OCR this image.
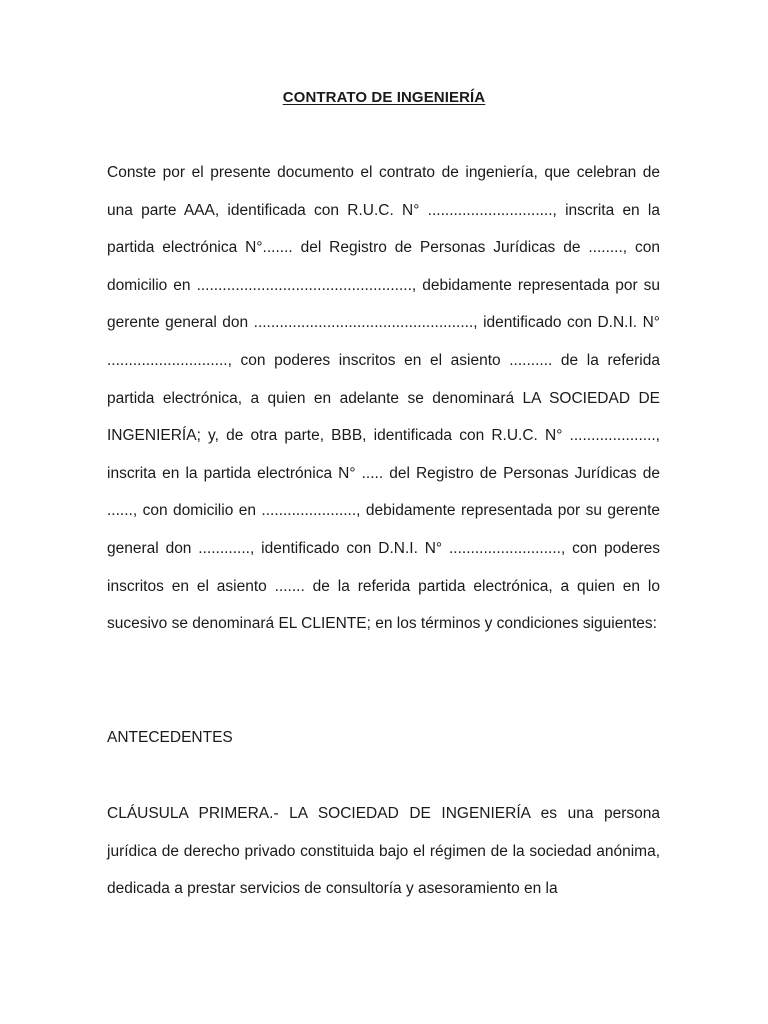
CONTRATO DE INGENIERÍA

Conste por el presente documento el contrato de ingeniería, que celebran de una parte AAA, identificada con R.U.C. N° ............................., inscrita en la partida electrónica N°....... del Registro de Personas Jurídicas de ........, con domicilio en .................................................., debidamente representada por su gerente general don ..................................................., identificado con D.N.I. N° ............................, con poderes inscritos en el asiento .......... de la referida partida electrónica, a quien en adelante se denominará LA SOCIEDAD DE INGENIERÍA; y, de otra parte, BBB, identificada con R.U.C. N° ...................., inscrita en la partida electrónica N° ..... del Registro de Personas Jurídicas de ......, con domicilio en ......................, debidamente representada por su gerente general don ............, identificado con D.N.I. N° .........................., con poderes inscritos en el asiento ....... de la referida partida electrónica, a quien en lo sucesivo se denominará EL CLIENTE; en los términos y condiciones siguientes:

ANTECEDENTES

CLÁUSULA PRIMERA.- LA SOCIEDAD DE INGENIERÍA es una persona jurídica de derecho privado constituida bajo el régimen de la sociedad anónima, dedicada a prestar servicios de consultoría y asesoramiento en la
